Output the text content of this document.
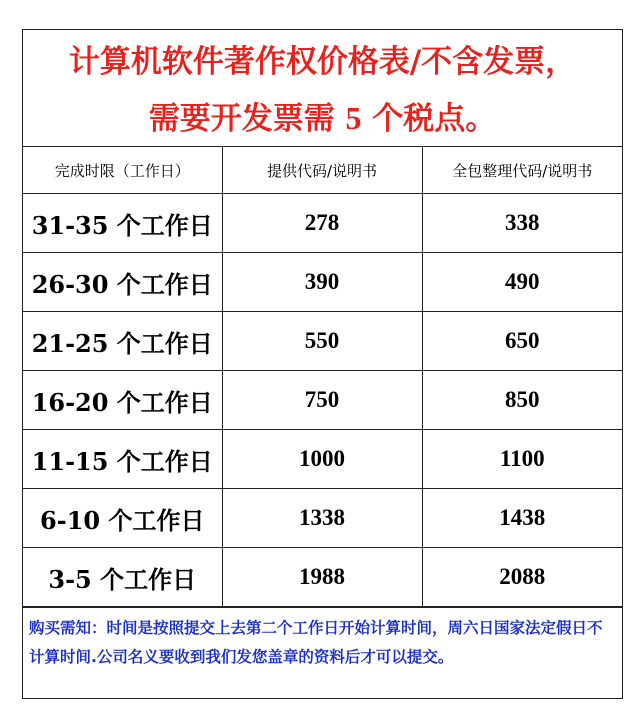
计算机软件著作权价格表/不含发票，
需要开发票需 5 个税点。
完成时限（工作日）	提供代码/说明书	全包整理代码/说明书
31-35 个工作日	278	338
26-30 个工作日	390	490
21-25 个工作日	550	650
16-20 个工作日	750	850
11-15 个工作日	1000	1100
6-10 个工作日	1338	1438
3-5 个工作日	1988	2088
购买需知：时间是按照提交上去第二个工作日开始计算时间，周六日国家法定假日不计算时间.公司名义要收到我们发您盖章的资料后才可以提交。
